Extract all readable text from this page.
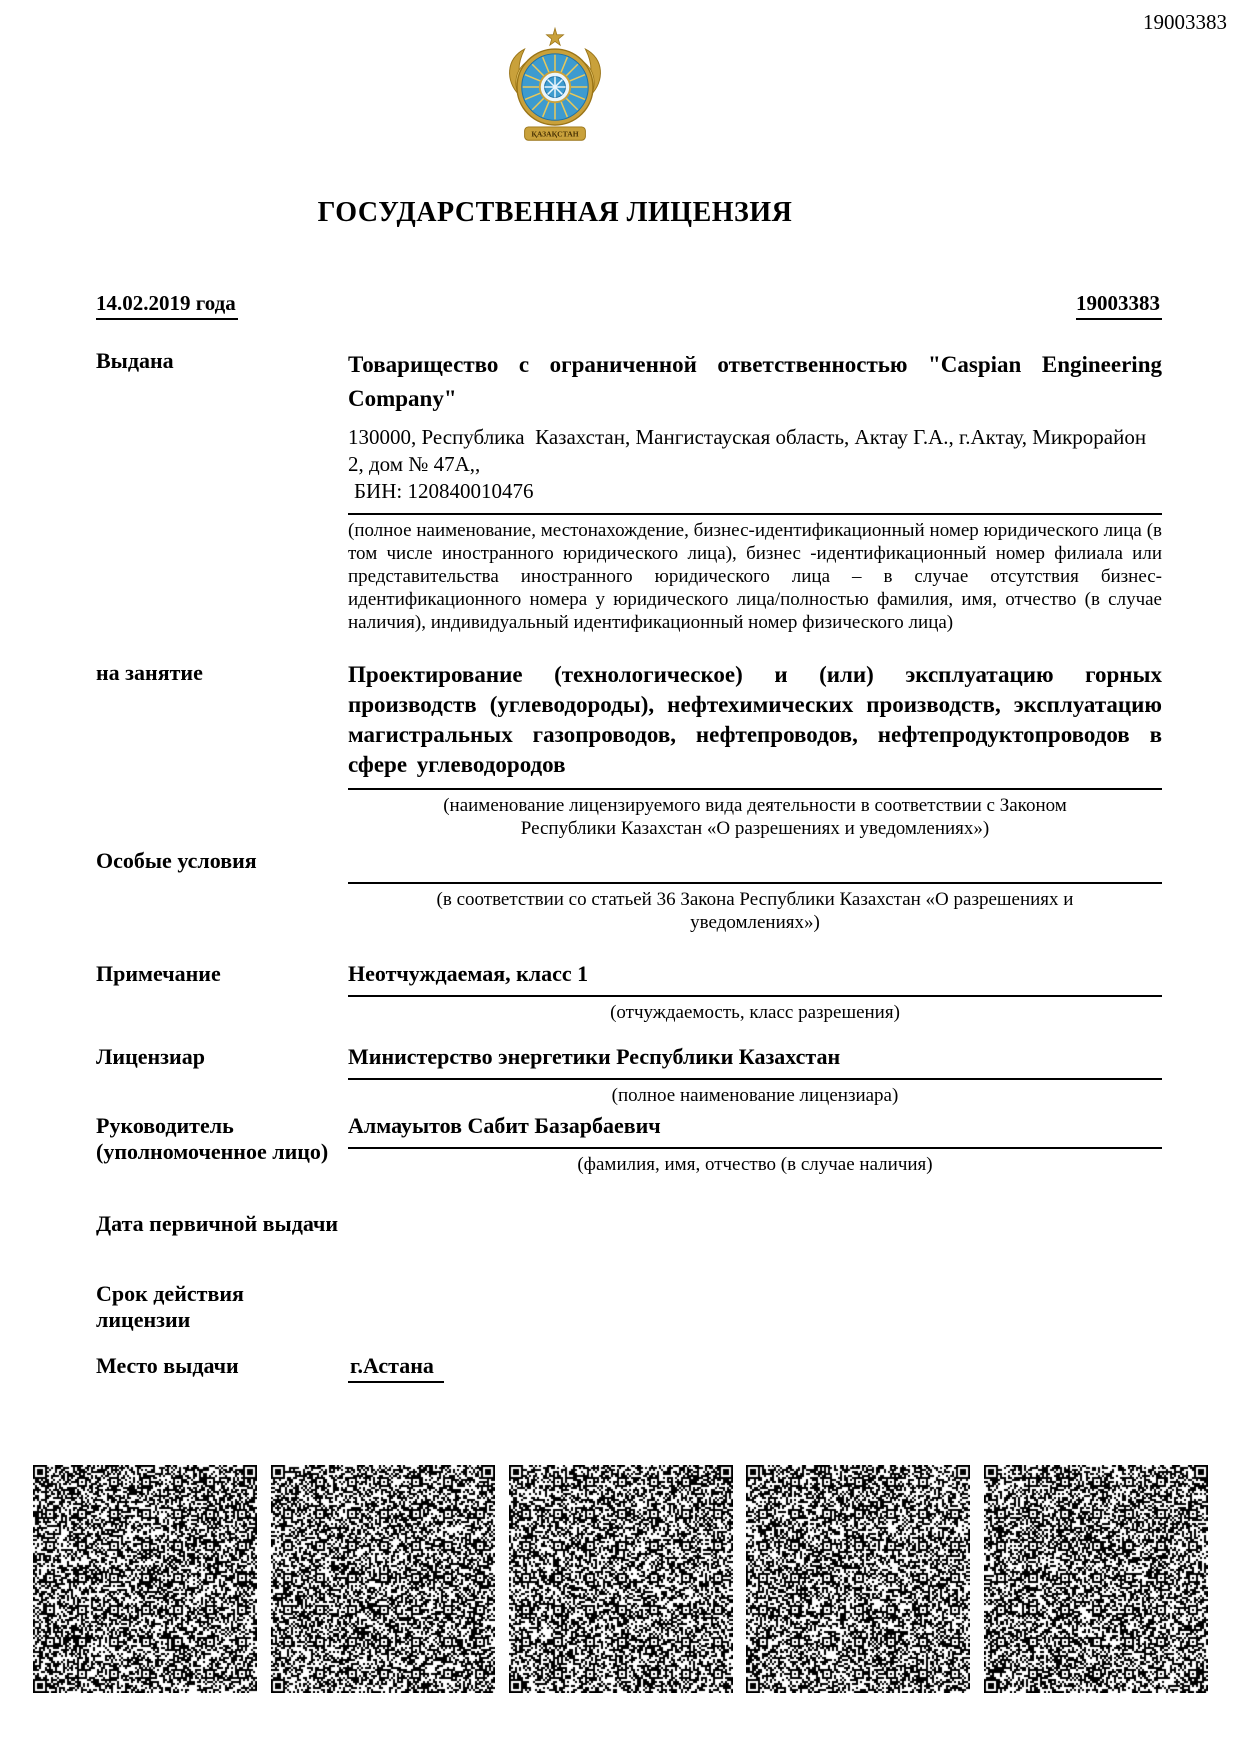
19003383
ҚАЗАҚСТАН
ГОСУДАРСТВЕННАЯ ЛИЦЕНЗИЯ
14.02.2019 года	19003383
Выдана	Товарищество с ограниченной ответственностью "Caspian Engineering Company"
130000, Республика  Казахстан, Мангистауская область, Актау Г.А., г.Актау, Микрорайон 2, дом № 47А,,
БИН: 120840010476
(полное наименование, местонахождение, бизнес-идентификационный номер юридического лица (в том числе иностранного юридического лица), бизнес -идентификационный номер филиала или представительства иностранного юридического лица – в случае отсутствия бизнес-идентификационного номера у юридического лица/полностью фамилия, имя, отчество (в случае наличия), индивидуальный идентификационный номер физического лица)
на занятие	Проектирование (технологическое) и (или) эксплуатацию горных производств (углеводороды), нефтехимических производств, эксплуатацию магистральных газопроводов, нефтепроводов, нефтепродуктопроводов в сфере углеводородов
(наименование лицензируемого вида деятельности в соответствии с Законом Республики Казахстан «О разрешениях и уведомлениях»)
Особые условия
(в соответствии со статьей 36 Закона Республики Казахстан «О разрешениях и уведомлениях»)
Примечание	Неотчуждаемая, класс 1
(отчуждаемость, класс разрешения)
Лицензиар	Министерство энергетики Республики Казахстан
(полное наименование лицензиара)
Руководитель (уполномоченное лицо)
Алмауытов Сабит Базарбаевич
(фамилия, имя, отчество (в случае наличия)
Дата первичной выдачи
Срок действия лицензии
Место выдачи	г.Астана
